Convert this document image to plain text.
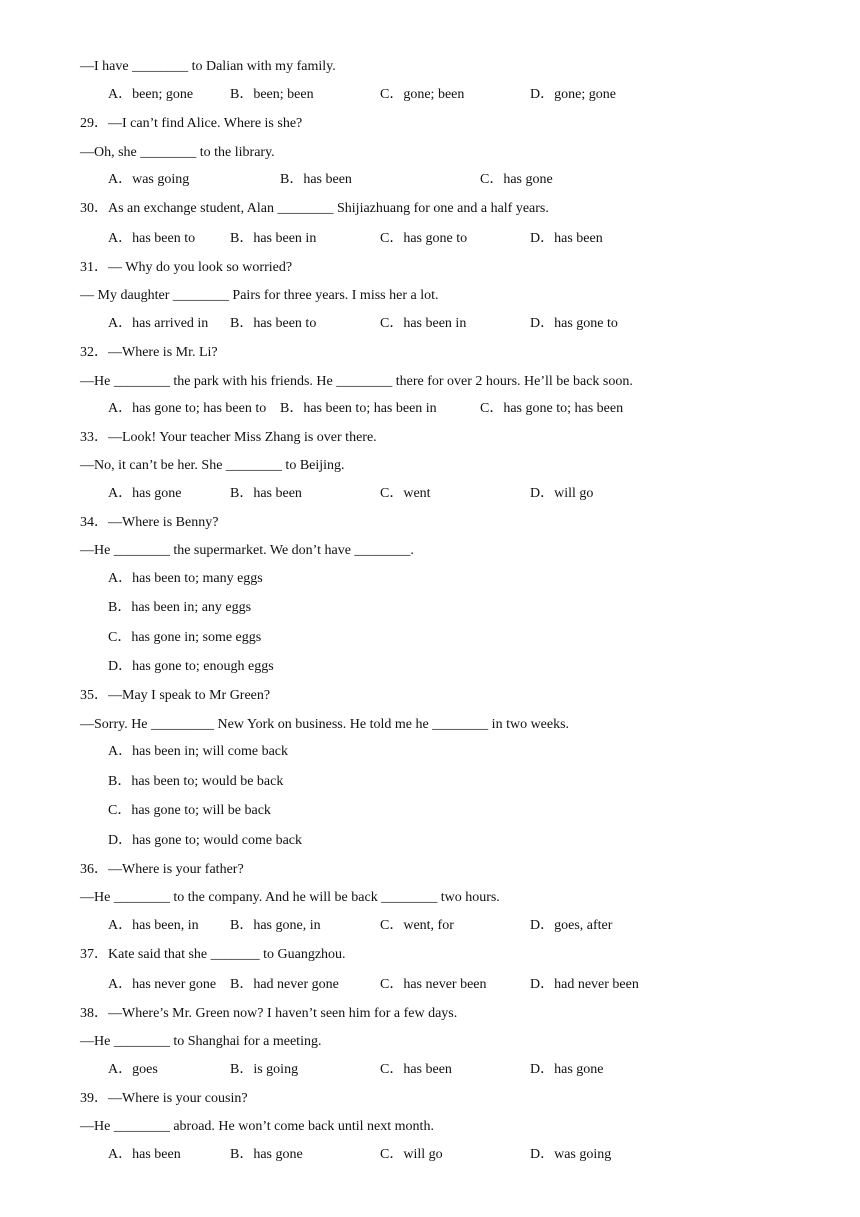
—I have ________ to Dalian with my family.
A．been; gone	B．been; been	C．gone; been	D．gone; gone
29．—I can’t find Alice. Where is she?
—Oh, she ________ to the library.
A．was going	B．has been	C．has gone
30．As an exchange student, Alan ________ Shijiazhuang for one and a half years.
A．has been to B．has been in	C．has gone to	D．has been
31．— Why do you look so worried?
— My daughter ________ Pairs for three years. I miss her a lot.
A．has arrived in B．has been to	C．has been in	D．has gone to
32．—Where is Mr. Li?
—He ________ the park with his friends. He ________ there for over 2 hours. He’ll be back soon.
A．has gone to; has been to B．has been to; has been in	C．has gone to; has been
33．—Look! Your teacher Miss Zhang is over there.
—No, it can’t be her. She ________ to Beijing.
A．has gone	B．has been	C．went	D．will go
34．—Where is Benny?
—He ________ the supermarket. We don’t have ________.
A．has been to; many eggs
B．has been in; any eggs
C．has gone in; some eggs
D．has gone to; enough eggs
35．—May I speak to Mr Green?
—Sorry. He _________ New York on business. He told me he ________ in two weeks.
A．has been in; will come back
B．has been to; would be back
C．has gone to; will be back
D．has gone to; would come back
36．—Where is your father?
—He ________ to the company. And he will be back ________ two hours.
A．has been, in B．has gone, in	C．went, for	D．goes, after
37．Kate said that she _______ to Guangzhou.
A．has never gone B．had never gone	C．has never been	D．had never been
38．—Where’s Mr. Green now? I haven’t seen him for a few days.
—He ________ to Shanghai for a meeting.
A．goes	B．is going	C．has been	D．has gone
39．—Where is your cousin?
—He ________ abroad. He won’t come back until next month.
A．has been	B．has gone	C．will go	D．was going
